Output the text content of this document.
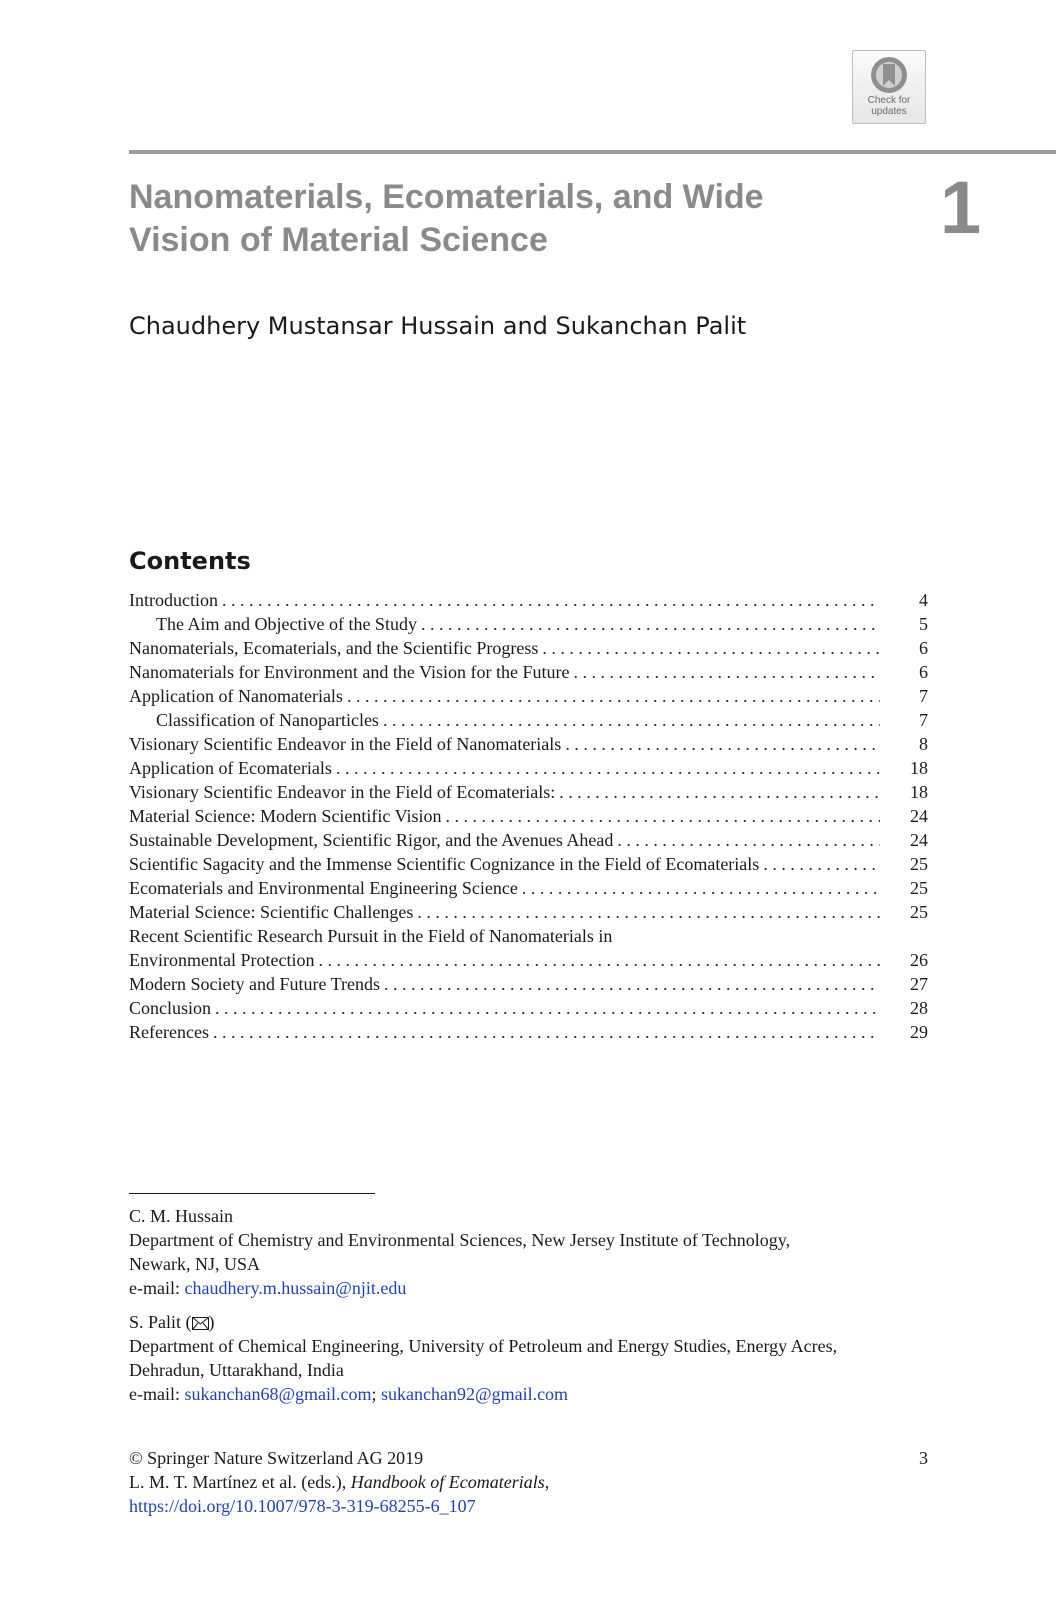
Check for
updates
Nanomaterials, Ecomaterials, and Wide Vision of Material Science	1
Chaudhery Mustansar Hussain and Sukanchan Palit
Contents
Introduction . . .	4
The Aim and Objective of the Study . . .	5
Nanomaterials, Ecomaterials, and the Scientific Progress . . .	6
Nanomaterials for Environment and the Vision for the Future . . .	6
Application of Nanomaterials . . .	7
Classification of Nanoparticles . . .	7
Visionary Scientific Endeavor in the Field of Nanomaterials . . .	8
Application of Ecomaterials . . .	18
Visionary Scientific Endeavor in the Field of Ecomaterials: . . .	18
Material Science: Modern Scientific Vision . . .	24
Sustainable Development, Scientific Rigor, and the Avenues Ahead . . .	24
Scientific Sagacity and the Immense Scientific Cognizance in the Field of Ecomaterials . . .	25
Ecomaterials and Environmental Engineering Science . . .	25
Material Science: Scientific Challenges . . .	25
Recent Scientific Research Pursuit in the Field of Nanomaterials in
Environmental Protection . . .	26
Modern Society and Future Trends . . .	27
Conclusion . . .	28
References . . .	29

C. M. Hussain

Department of Chemistry and Environmental Sciences, New Jersey Institute of Technology,

Newark, NJ, USA

e-mail: chaudhery.m.hussain@njit.edu

S. Palit ( )

Department of Chemical Engineering, University of Petroleum and Energy Studies, Energy Acres,

Dehradun, Uttarakhand, India

e-mail: sukanchan68@gmail.com; sukanchan92@gmail.com

© Springer Nature Switzerland AG 2019

L. M. T. Martínez et al. (eds.), Handbook of Ecomaterials,

https://doi.org/10.1007/978-3-319-68255-6_107

3
